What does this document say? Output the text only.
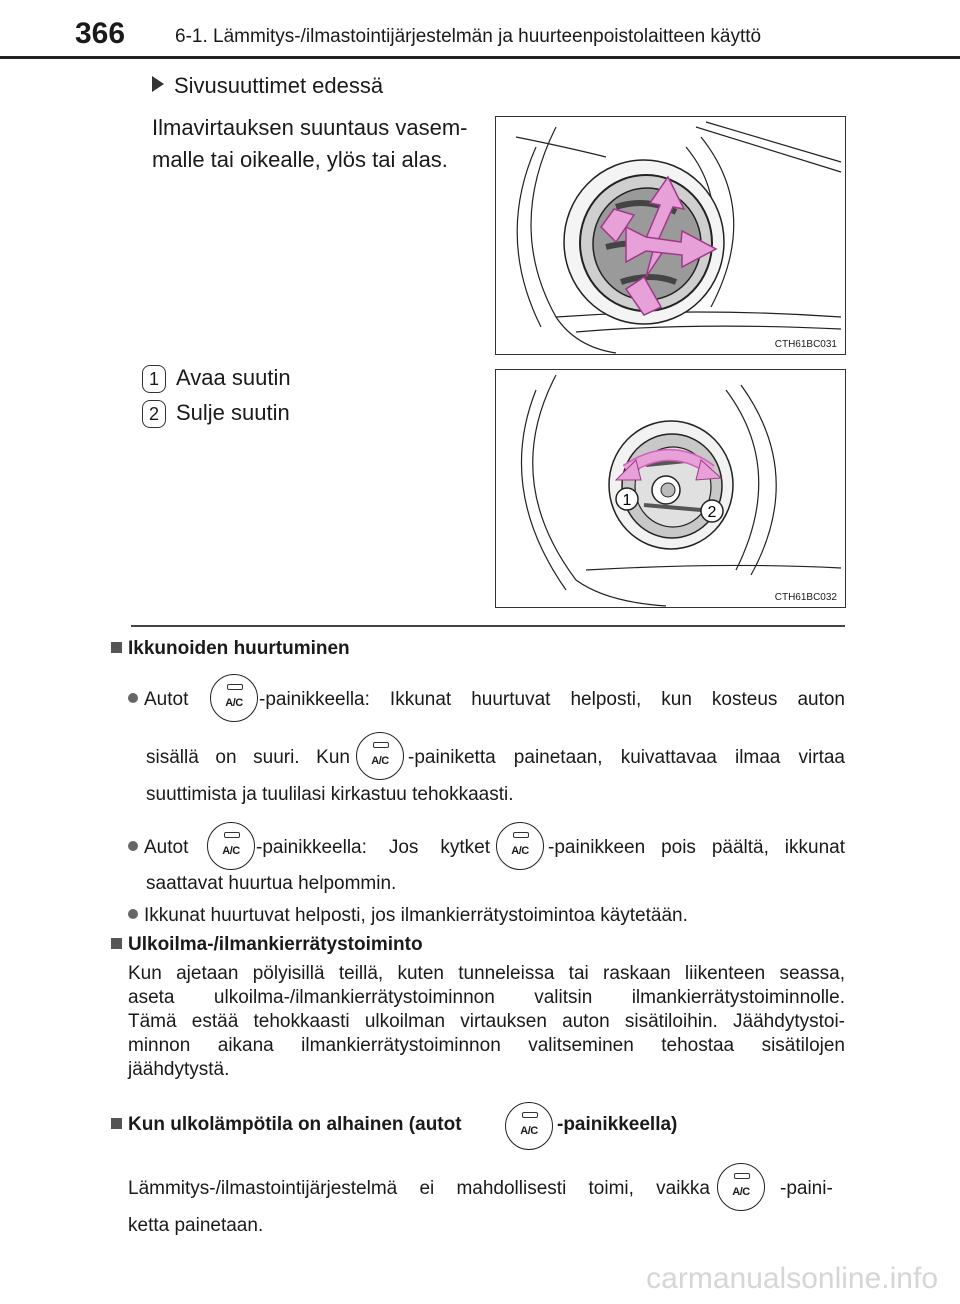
366	6-1. Lämmitys-/ilmastointijärjestelmän ja huurteenpoistolaitteen käyttö
Sivusuuttimet edessä
Ilmavirtauksen suuntaus vasem-
malle tai oikealle, ylös tai alas.
CTH61BC031
1 Avaa suutin
2 Sulje suutin
1
2
CTH61BC032
Ikkunoiden huurtuminen
Autot	A/C -painikkeella: Ikkunat huurtuvat helposti, kun kosteus auton
sisällä on suuri. Kun	A/C	-painiketta painetaan, kuivattavaa ilmaa virtaa
suuttimista ja tuulilasi kirkastuu tehokkaasti.
Autot	A/C -painikkeella: Jos kytket	A/C	-painikkeen pois päältä, ikkunat
saattavat huurtua helpommin.
Ikkunat huurtuvat helposti, jos ilmankierrätystoimintoa käytetään.
Ulkoilma-/ilmankierrätystoiminto
Kun ajetaan pölyisillä teillä, kuten tunneleissa tai raskaan liikenteen seassa,
aseta ulkoilma-/ilmankierrätystoiminnon valitsin ilmankierrätystoiminnolle.
Tämä estää tehokkaasti ulkoilman virtauksen auton sisätiloihin. Jäähdytystoi-
minnon aikana ilmankierrätystoiminnon valitseminen tehostaa sisätilojen
jäähdytystä.
Kun ulkolämpötila on alhainen (autot	A/C	-painikkeella)
Lämmitys-/ilmastointijärjestelmä ei mahdollisesti toimi, vaikka	A/C	-paini-
ketta painetaan.
carmanualsonline.info
